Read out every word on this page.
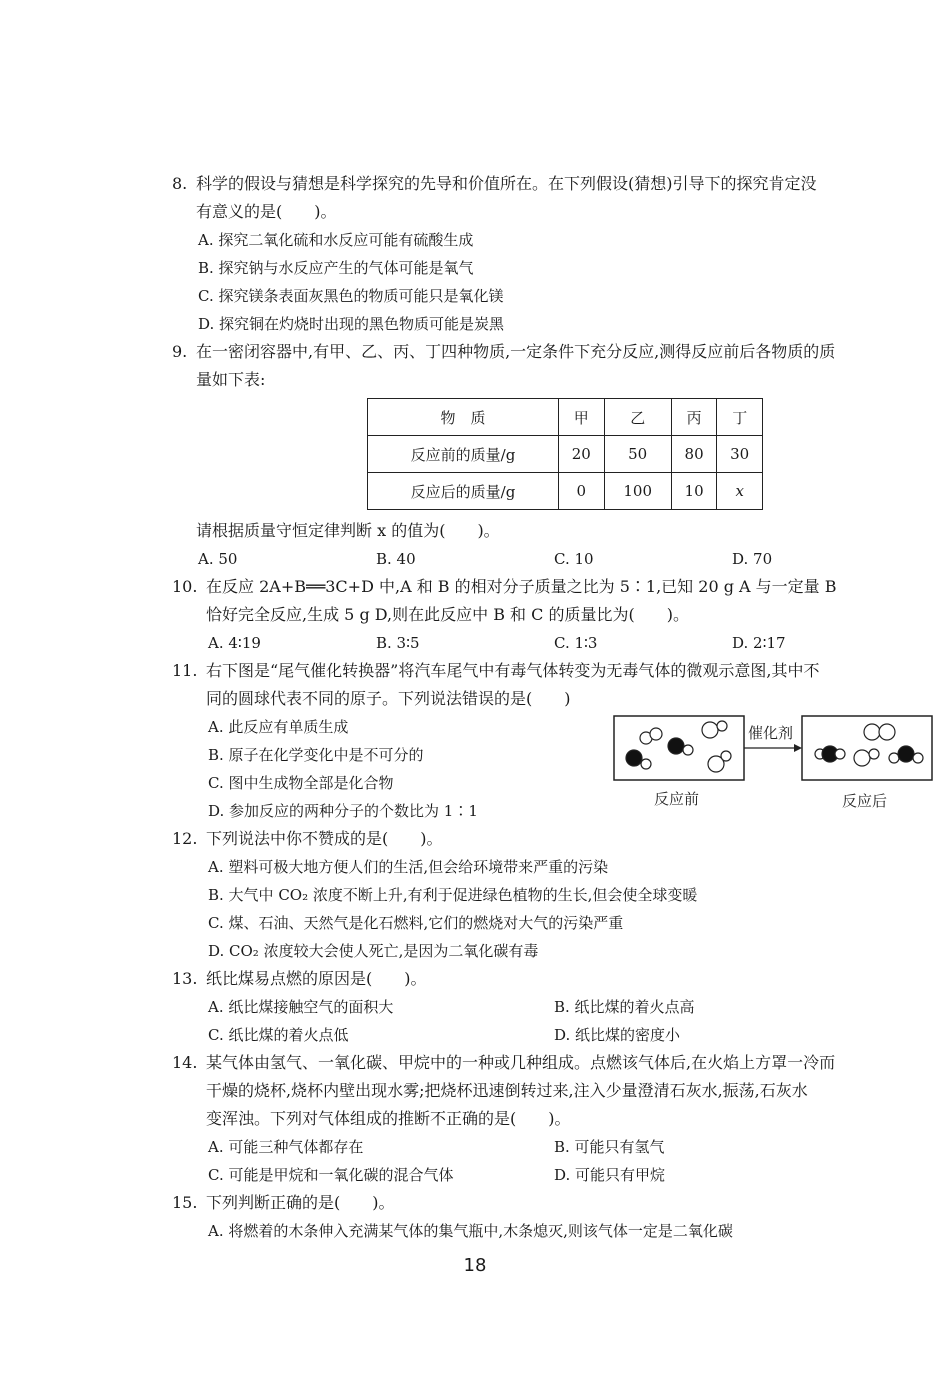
8. 科学的假设与猜想是科学探究的先导和价值所在。在下列假设(猜想)引导下的探究肯定没
有意义的是(　　)。
A. 探究二氧化硫和水反应可能有硫酸生成
B. 探究钠与水反应产生的气体可能是氧气
C. 探究镁条表面灰黑色的物质可能只是氧化镁
D. 探究铜在灼烧时出现的黑色物质可能是炭黑
9. 在一密闭容器中,有甲、乙、丙、丁四种物质,一定条件下充分反应,测得反应前后各物质的质
量如下表:
物　质	甲	乙	丙	丁
反应前的质量/g	20	50	80	30
反应后的质量/g	0	100	10	x
请根据质量守恒定律判断 x 的值为(　　)。
A. 50	B. 40	C. 10	D. 70
10. 在反应 2A+B══3C+D 中,A 和 B 的相对分子质量之比为 5∶1,已知 20 g A 与一定量 B
恰好完全反应,生成 5 g D,则在此反应中 B 和 C 的质量比为(　　)。
A. 4∶19	B. 3∶5	C. 1∶3	D. 2∶17
11. 右下图是“尾气催化转换器”将汽车尾气中有毒气体转变为无毒气体的微观示意图,其中不
同的圆球代表不同的原子。下列说法错误的是(　　)
A. 此反应有单质生成
B. 原子在化学变化中是不可分的
C. 图中生成物全部是化合物
D. 参加反应的两种分子的个数比为 1∶1
催化剂
反应前	反应后
12. 下列说法中你不赞成的是(　　)。
A. 塑料可极大地方便人们的生活,但会给环境带来严重的污染
B. 大气中 CO₂ 浓度不断上升,有利于促进绿色植物的生长,但会使全球变暖
C. 煤、石油、天然气是化石燃料,它们的燃烧对大气的污染严重
D. CO₂ 浓度较大会使人死亡,是因为二氧化碳有毒
13. 纸比煤易点燃的原因是(　　)。
A. 纸比煤接触空气的面积大	B. 纸比煤的着火点高
C. 纸比煤的着火点低	D. 纸比煤的密度小
14. 某气体由氢气、一氧化碳、甲烷中的一种或几种组成。点燃该气体后,在火焰上方罩一冷而
干燥的烧杯,烧杯内壁出现水雾;把烧杯迅速倒转过来,注入少量澄清石灰水,振荡,石灰水
变浑浊。下列对气体组成的推断不正确的是(　　)。
A. 可能三种气体都存在	B. 可能只有氢气
C. 可能是甲烷和一氧化碳的混合气体	D. 可能只有甲烷
15. 下列判断正确的是(　　)。
A. 将燃着的木条伸入充满某气体的集气瓶中,木条熄灭,则该气体一定是二氧化碳
18
